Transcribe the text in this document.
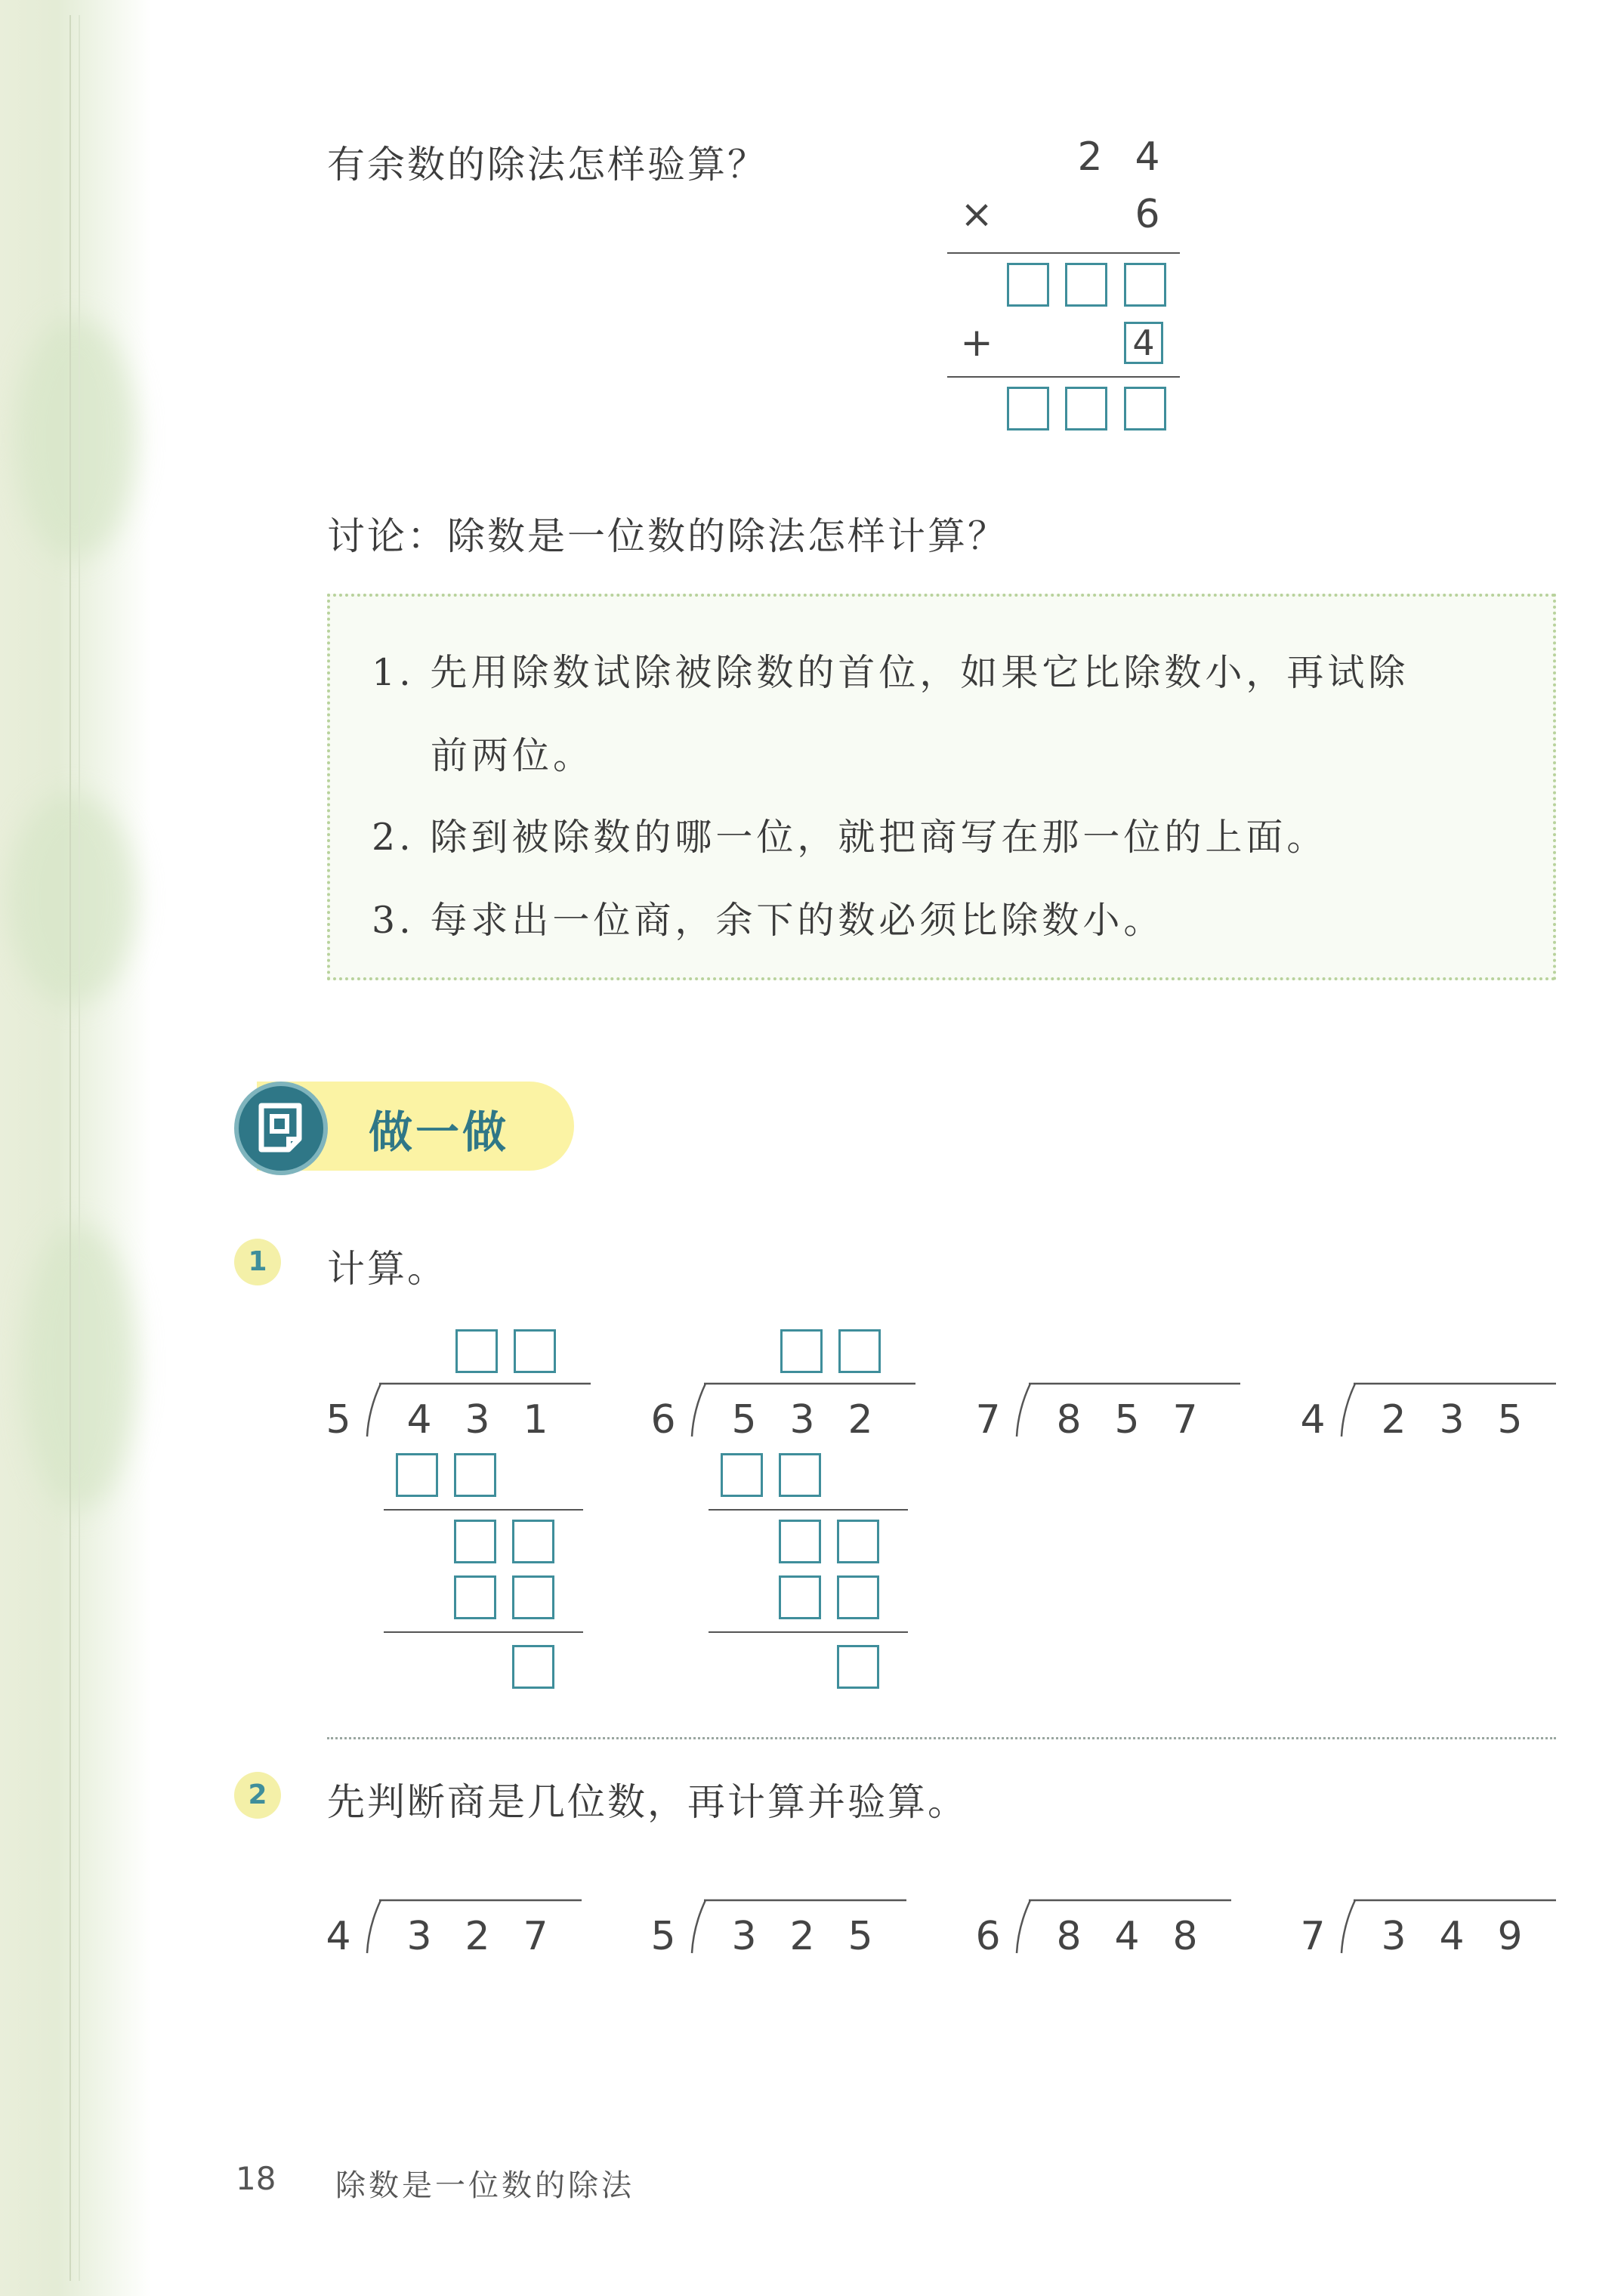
有余数的除法怎样验算？	2 4
×	6
+	4
讨论：除数是一位数的除法怎样计算？
1. 先用除数试除被除数的首位，如果它比除数小，再试除
前两位。
2. 除到被除数的哪一位，就把商写在那一位的上面。
3. 每求出一位商，余下的数必须比除数小。
做一做
1	计算。
5 4 3 1	6 5 3 2	7 8 5 7	4 2 3 5
2	先判断商是几位数，再计算并验算。
4 3 2 7	5 3 2 5	6 8 4 8	7 3 4 9
18 除数是一位数的除法
